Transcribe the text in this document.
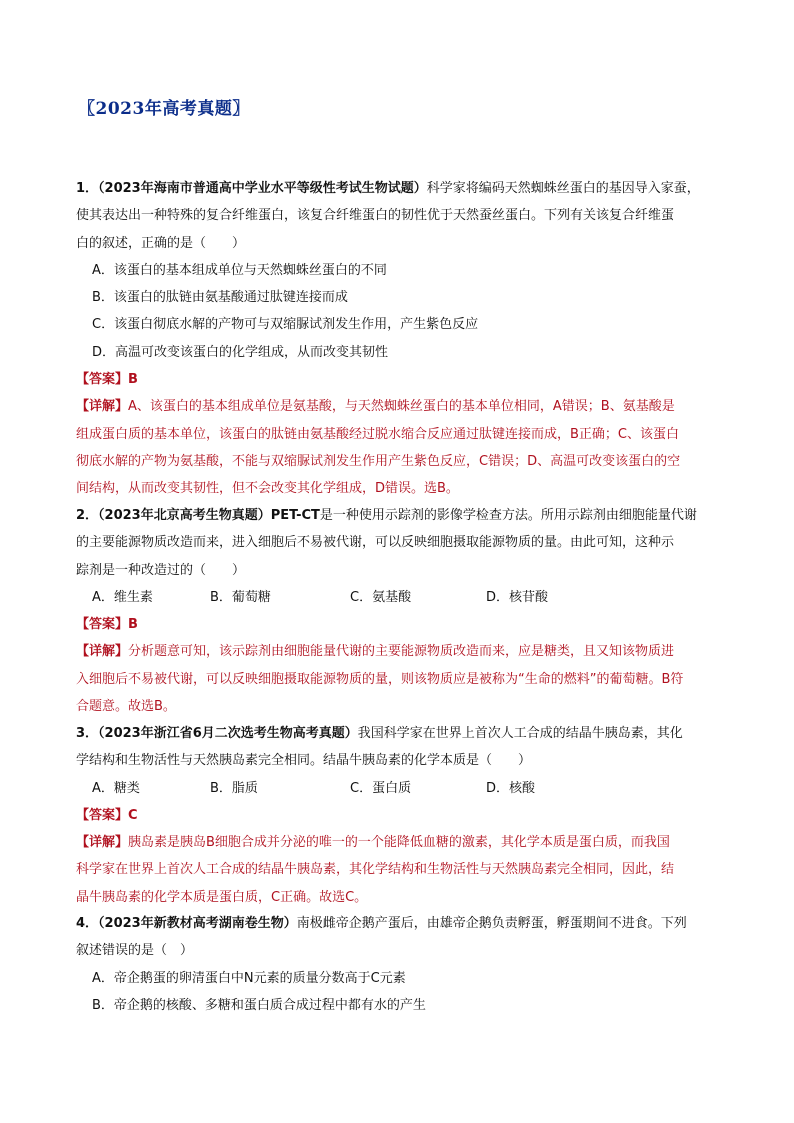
〖2023年高考真题〗
1．（2023年海南市普通高中学业水平等级性考试生物试题）科学家将编码天然蜘蛛丝蛋白的基因导入家蚕，
使其表达出一种特殊的复合纤维蛋白，该复合纤维蛋白的韧性优于天然蚕丝蛋白。下列有关该复合纤维蛋
白的叙述，正确的是（　　）
A．该蛋白的基本组成单位与天然蜘蛛丝蛋白的不同
B．该蛋白的肽链由氨基酸通过肽键连接而成
C．该蛋白彻底水解的产物可与双缩脲试剂发生作用，产生紫色反应
D．高温可改变该蛋白的化学组成，从而改变其韧性
【答案】B
【详解】A、该蛋白的基本组成单位是氨基酸，与天然蜘蛛丝蛋白的基本单位相同，A错误；B、氨基酸是
组成蛋白质的基本单位，该蛋白的肽链由氨基酸经过脱水缩合反应通过肽键连接而成，B正确；C、该蛋白
彻底水解的产物为氨基酸，不能与双缩脲试剂发生作用产生紫色反应，C错误；D、高温可改变该蛋白的空
间结构，从而改变其韧性，但不会改变其化学组成，D错误。选B。
2．（2023年北京高考生物真题）PET-CT是一种使用示踪剂的影像学检查方法。所用示踪剂由细胞能量代谢
的主要能源物质改造而来，进入细胞后不易被代谢，可以反映细胞摄取能源物质的量。由此可知，这种示
踪剂是一种改造过的（　　）
A．维生素	B．葡萄糖	C．氨基酸	D．核苷酸
【答案】B
【详解】分析题意可知，该示踪剂由细胞能量代谢的主要能源物质改造而来，应是糖类，且又知该物质进
入细胞后不易被代谢，可以反映细胞摄取能源物质的量，则该物质应是被称为“生命的燃料”的葡萄糖。B符
合题意。故选B。
3．（2023年浙江省6月二次选考生物高考真题）我国科学家在世界上首次人工合成的结晶牛胰岛素，其化
学结构和生物活性与天然胰岛素完全相同。结晶牛胰岛素的化学本质是（　　）
A．糖类	B．脂质	C．蛋白质	D．核酸
【答案】C
【详解】胰岛素是胰岛B细胞合成并分泌的唯一的一个能降低血糖的激素，其化学本质是蛋白质，而我国
科学家在世界上首次人工合成的结晶牛胰岛素，其化学结构和生物活性与天然胰岛素完全相同，因此，结
晶牛胰岛素的化学本质是蛋白质，C正确。故选C。
4．（2023年新教材高考湖南卷生物）南极雌帝企鹅产蛋后，由雄帝企鹅负责孵蛋，孵蛋期间不进食。下列
叙述错误的是（　）
A．帝企鹅蛋的卵清蛋白中N元素的质量分数高于C元素
B．帝企鹅的核酸、多糖和蛋白质合成过程中都有水的产生
